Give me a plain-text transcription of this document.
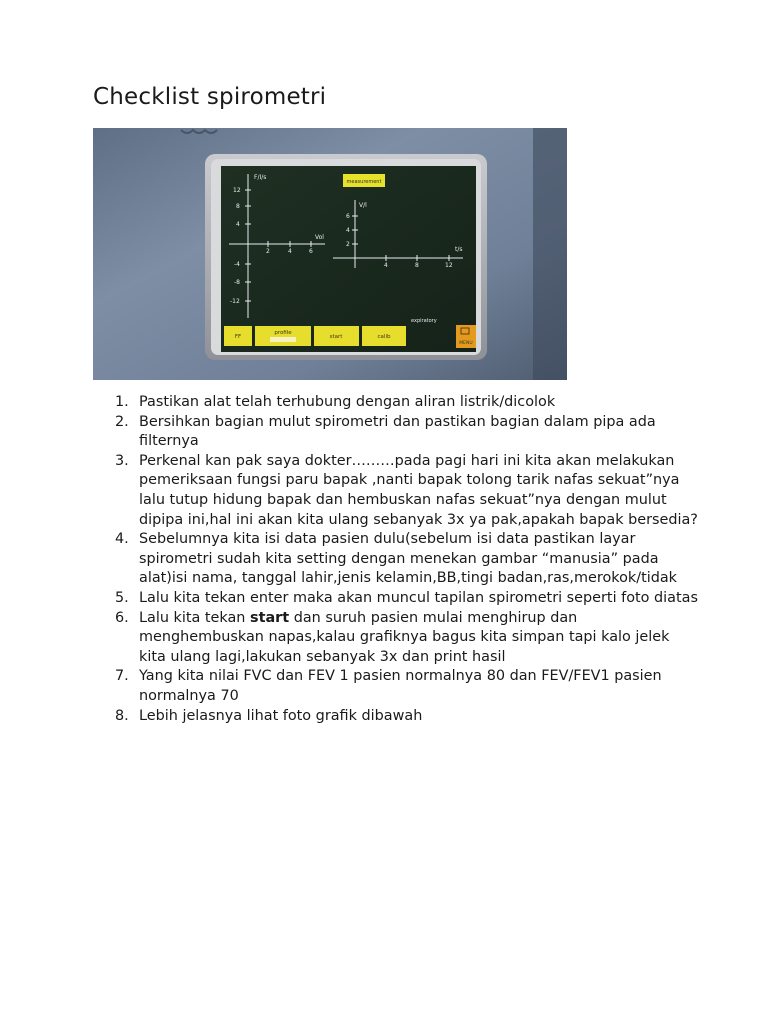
Checklist spirometri
measurement
F/I/s
Vol
12
8
4
-4
-8
-12
2	4	6
V/l
t/s
6
4
2
4	8	12
expiratory
FF
profile
start	calib
MENU
1. Pastikan alat telah terhubung dengan aliran listrik/dicolok
2. Bersihkan bagian mulut spirometri dan pastikan bagian dalam pipa ada filternya
3. Perkenal kan pak saya dokter………pada pagi hari ini kita akan melakukan pemeriksaan fungsi paru bapak ,nanti bapak tolong tarik nafas sekuat”nya lalu tutup hidung bapak dan hembuskan nafas sekuat”nya dengan mulut dipipa ini,hal ini akan kita ulang sebanyak 3x ya pak,apakah bapak bersedia?
4. Sebelumnya kita isi data pasien dulu(sebelum isi data pastikan layar spirometri sudah kita setting dengan menekan gambar “manusia” pada alat)isi nama, tanggal lahir,jenis kelamin,BB,tingi badan,ras,merokok/tidak
5. Lalu kita tekan enter maka akan muncul tapilan spirometri seperti foto diatas
6. Lalu kita tekan start dan suruh pasien mulai menghirup dan menghembuskan napas,kalau grafiknya bagus kita simpan tapi kalo jelek kita ulang lagi,lakukan sebanyak 3x dan print hasil
7. Yang kita nilai FVC dan FEV 1 pasien normalnya 80 dan FEV/FEV1 pasien normalnya 70
8. Lebih jelasnya lihat foto grafik dibawah
